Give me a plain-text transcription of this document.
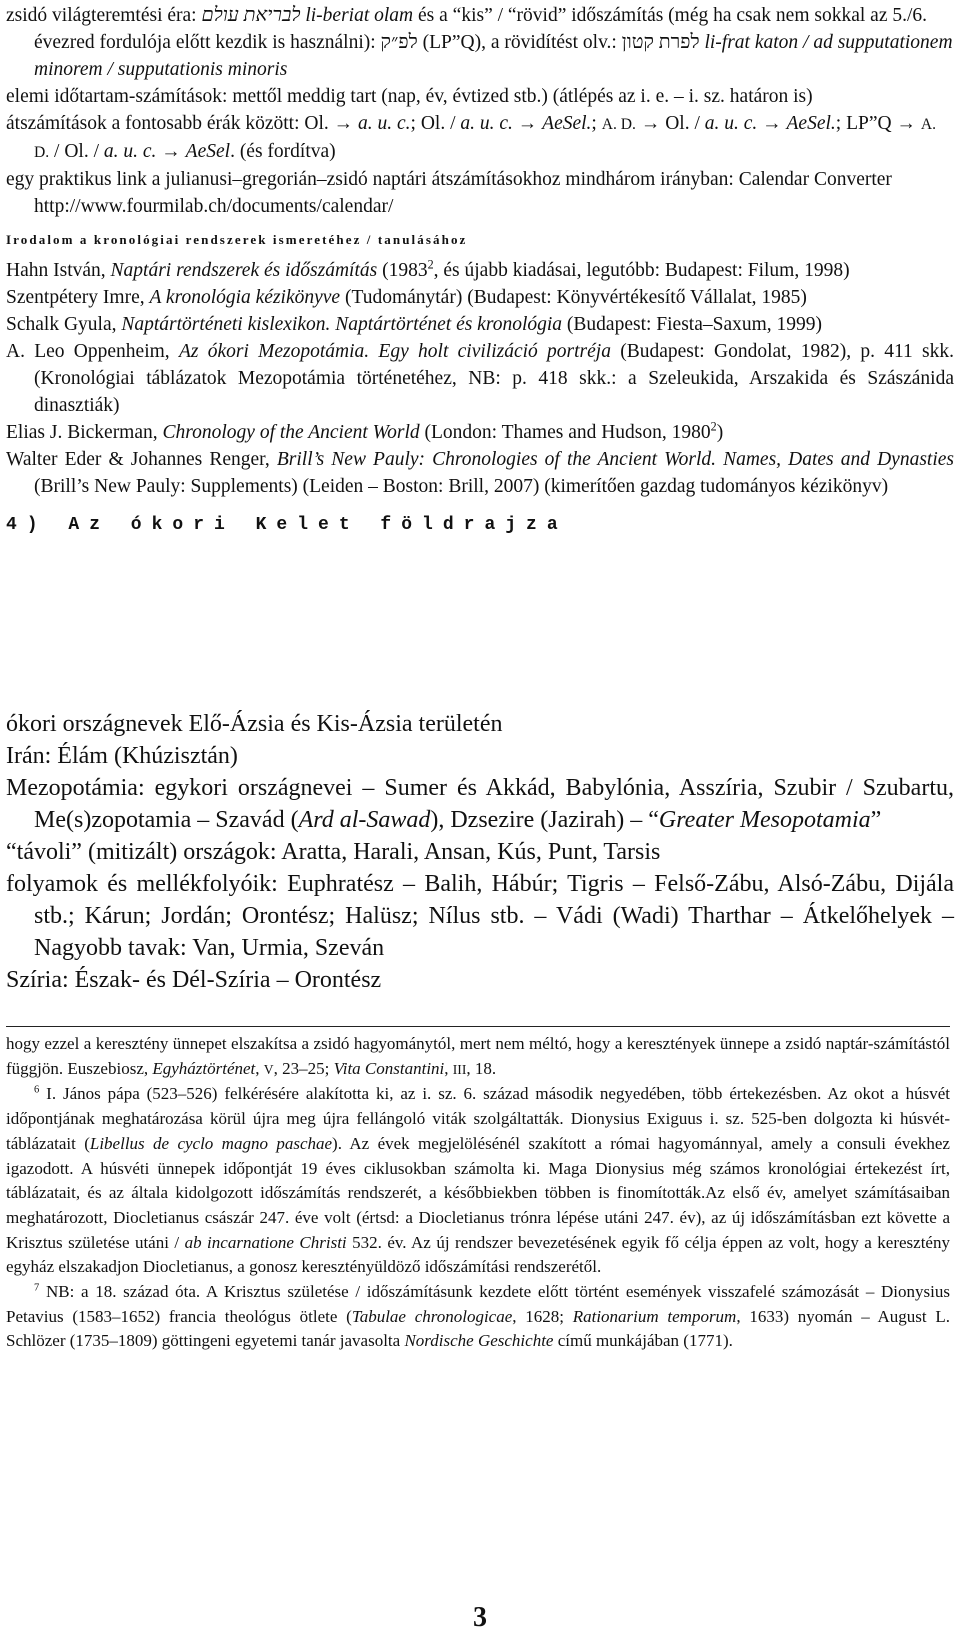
zsidó világteremtési éra: לבריאת עולם li-beriat olam és a “kis” / “rövid” időszámítás (még ha csak nem sokkal az 5./6. évezred fordulója előtt kezdik is használni): לפ״ק (LP”Q), a rövidítést olv.: לפרת קטון li-frat katon / ad supputationem minorem / supputationis minoris

elemi időtartam-számítások: mettől meddig tart (nap, év, évtized stb.) (átlépés az i. e. – i. sz. határon is)

átszámítások a fontosabb érák között: Ol. → a. u. c.; Ol. / a. u. c. → AeSel.; A. D. → Ol. / a. u. c. → AeSel.; LP”Q → A. D. / Ol. / a. u. c. → AeSel. (és fordítva)

egy praktikus link a julianusi–gregorián–zsidó naptári átszámításokhoz mindhárom irányban: Calendar Converter http://www.fourmilab.ch/documents/calendar/

Irodalom a kronológiai rendszerek ismeretéhez / tanulásához

Hahn István, Naptári rendszerek és időszámítás (1983$^2$, és újabb kiadásai, legutóbb: Budapest: Filum, 1998)

Szentpétery Imre, A kronológia kézikönyve (Tudománytár) (Budapest: Könyvértékesítő Vállalat, 1985)

Schalk Gyula, Naptártörténeti kislexikon. Naptártörténet és kronológia (Budapest: Fiesta–Saxum, 1999)

A. Leo Oppenheim, Az ókori Mezopotámia. Egy holt civilizáció portréja (Budapest: Gondolat, 1982), p. 411 skk. (Kronológiai táblázatok Mezopotámia történetéhez, NB: p. 418 skk.: a Szeleukida, Arszakida és Szászánida dinasztiák)

Elias J. Bickerman, Chronology of the Ancient World (London: Thames and Hudson, 1980$^2$)

Walter Eder & Johannes Renger, Brill’s New Pauly: Chronologies of the Ancient World. Names, Dates and Dynasties (Brill’s New Pauly: Supplements) (Leiden – Boston: Brill, 2007) (kimerítően gazdag tudományos kézikönyv)

4) Az ókori Kelet földrajza

ókori országnevek Elő-Ázsia és Kis-Ázsia területén

Irán: Élám (Khúzisztán)

Mezopotámia: egykori országnevei – Sumer és Akkád, Babylónia, Asszíria, Szubir / Szubartu, Me(s)zopotamia – Szavád (Ard al-Sawad), Dzsezire (Jazirah) – “Greater Mesopotamia”

“távoli” (mitizált) országok: Aratta, Harali, Ansan, Kús, Punt, Tarsis

folyamok és mellékfolyóik: Euphratész – Balih, Hábúr; Tigris – Felső-Zábu, Alsó-Zábu, Dijála stb.; Kárun; Jordán; Orontész; Halüsz; Nílus stb. – Vádi (Wadi) Tharthar – Átkelőhelyek – Nagyobb tavak: Van, Urmia, Szeván

Szíria: Észak- és Dél-Szíria – Orontész

hogy ezzel a keresztény ünnepet elszakítsa a zsidó hagyománytól, mert nem méltó, hogy a keresztények ünnepe a zsidó naptár-számítástól függjön. Euszebiosz, Egyháztörténet, V, 23–25; Vita Constantini, III, 18.

$^6$ I. János pápa (523–526) felkérésére alakította ki, az i. sz. 6. század második negyedében, több értekezésben. Az okot a húsvét időpontjának meghatározása körül újra meg újra fellángoló viták szolgáltatták. Dionysius Exiguus i. sz. 525-ben dolgozta ki húsvét-táblázatait (Libellus de cyclo magno paschae). Az évek megjelölésénél szakított a római hagyománnyal, amely a consuli évekhez igazodott. A húsvéti ünnepek időpontját 19 éves ciklusokban számolta ki. Maga Dionysius még számos kronológiai értekezést írt, táblázatait, és az általa kidolgozott időszámítás rendszerét, a későbbiekben többen is finomították.Az első év, amelyet számításaiban meghatározott, Diocletianus császár 247. éve volt (értsd: a Diocletianus trónra lépése utáni 247. év), az új időszámításban ezt követte a Krisztus születése utáni / ab incarnatione Christi 532. év. Az új rendszer bevezetésének egyik fő célja éppen az volt, hogy a keresztény egyház elszakadjon Diocletianus, a gonosz keresztényüldöző időszámítási rendszerétől.

$^7$ NB: a 18. század óta. A Krisztus születése / időszámításunk kezdete előtt történt események visszafelé számozását – Dionysius Petavius (1583–1652) francia theológus ötlete (Tabulae chronologicae, 1628; Rationarium temporum, 1633) nyomán – August L. Schlözer (1735–1809) göttingeni egyetemi tanár javasolta Nordische Geschichte című munkájában (1771).

3
